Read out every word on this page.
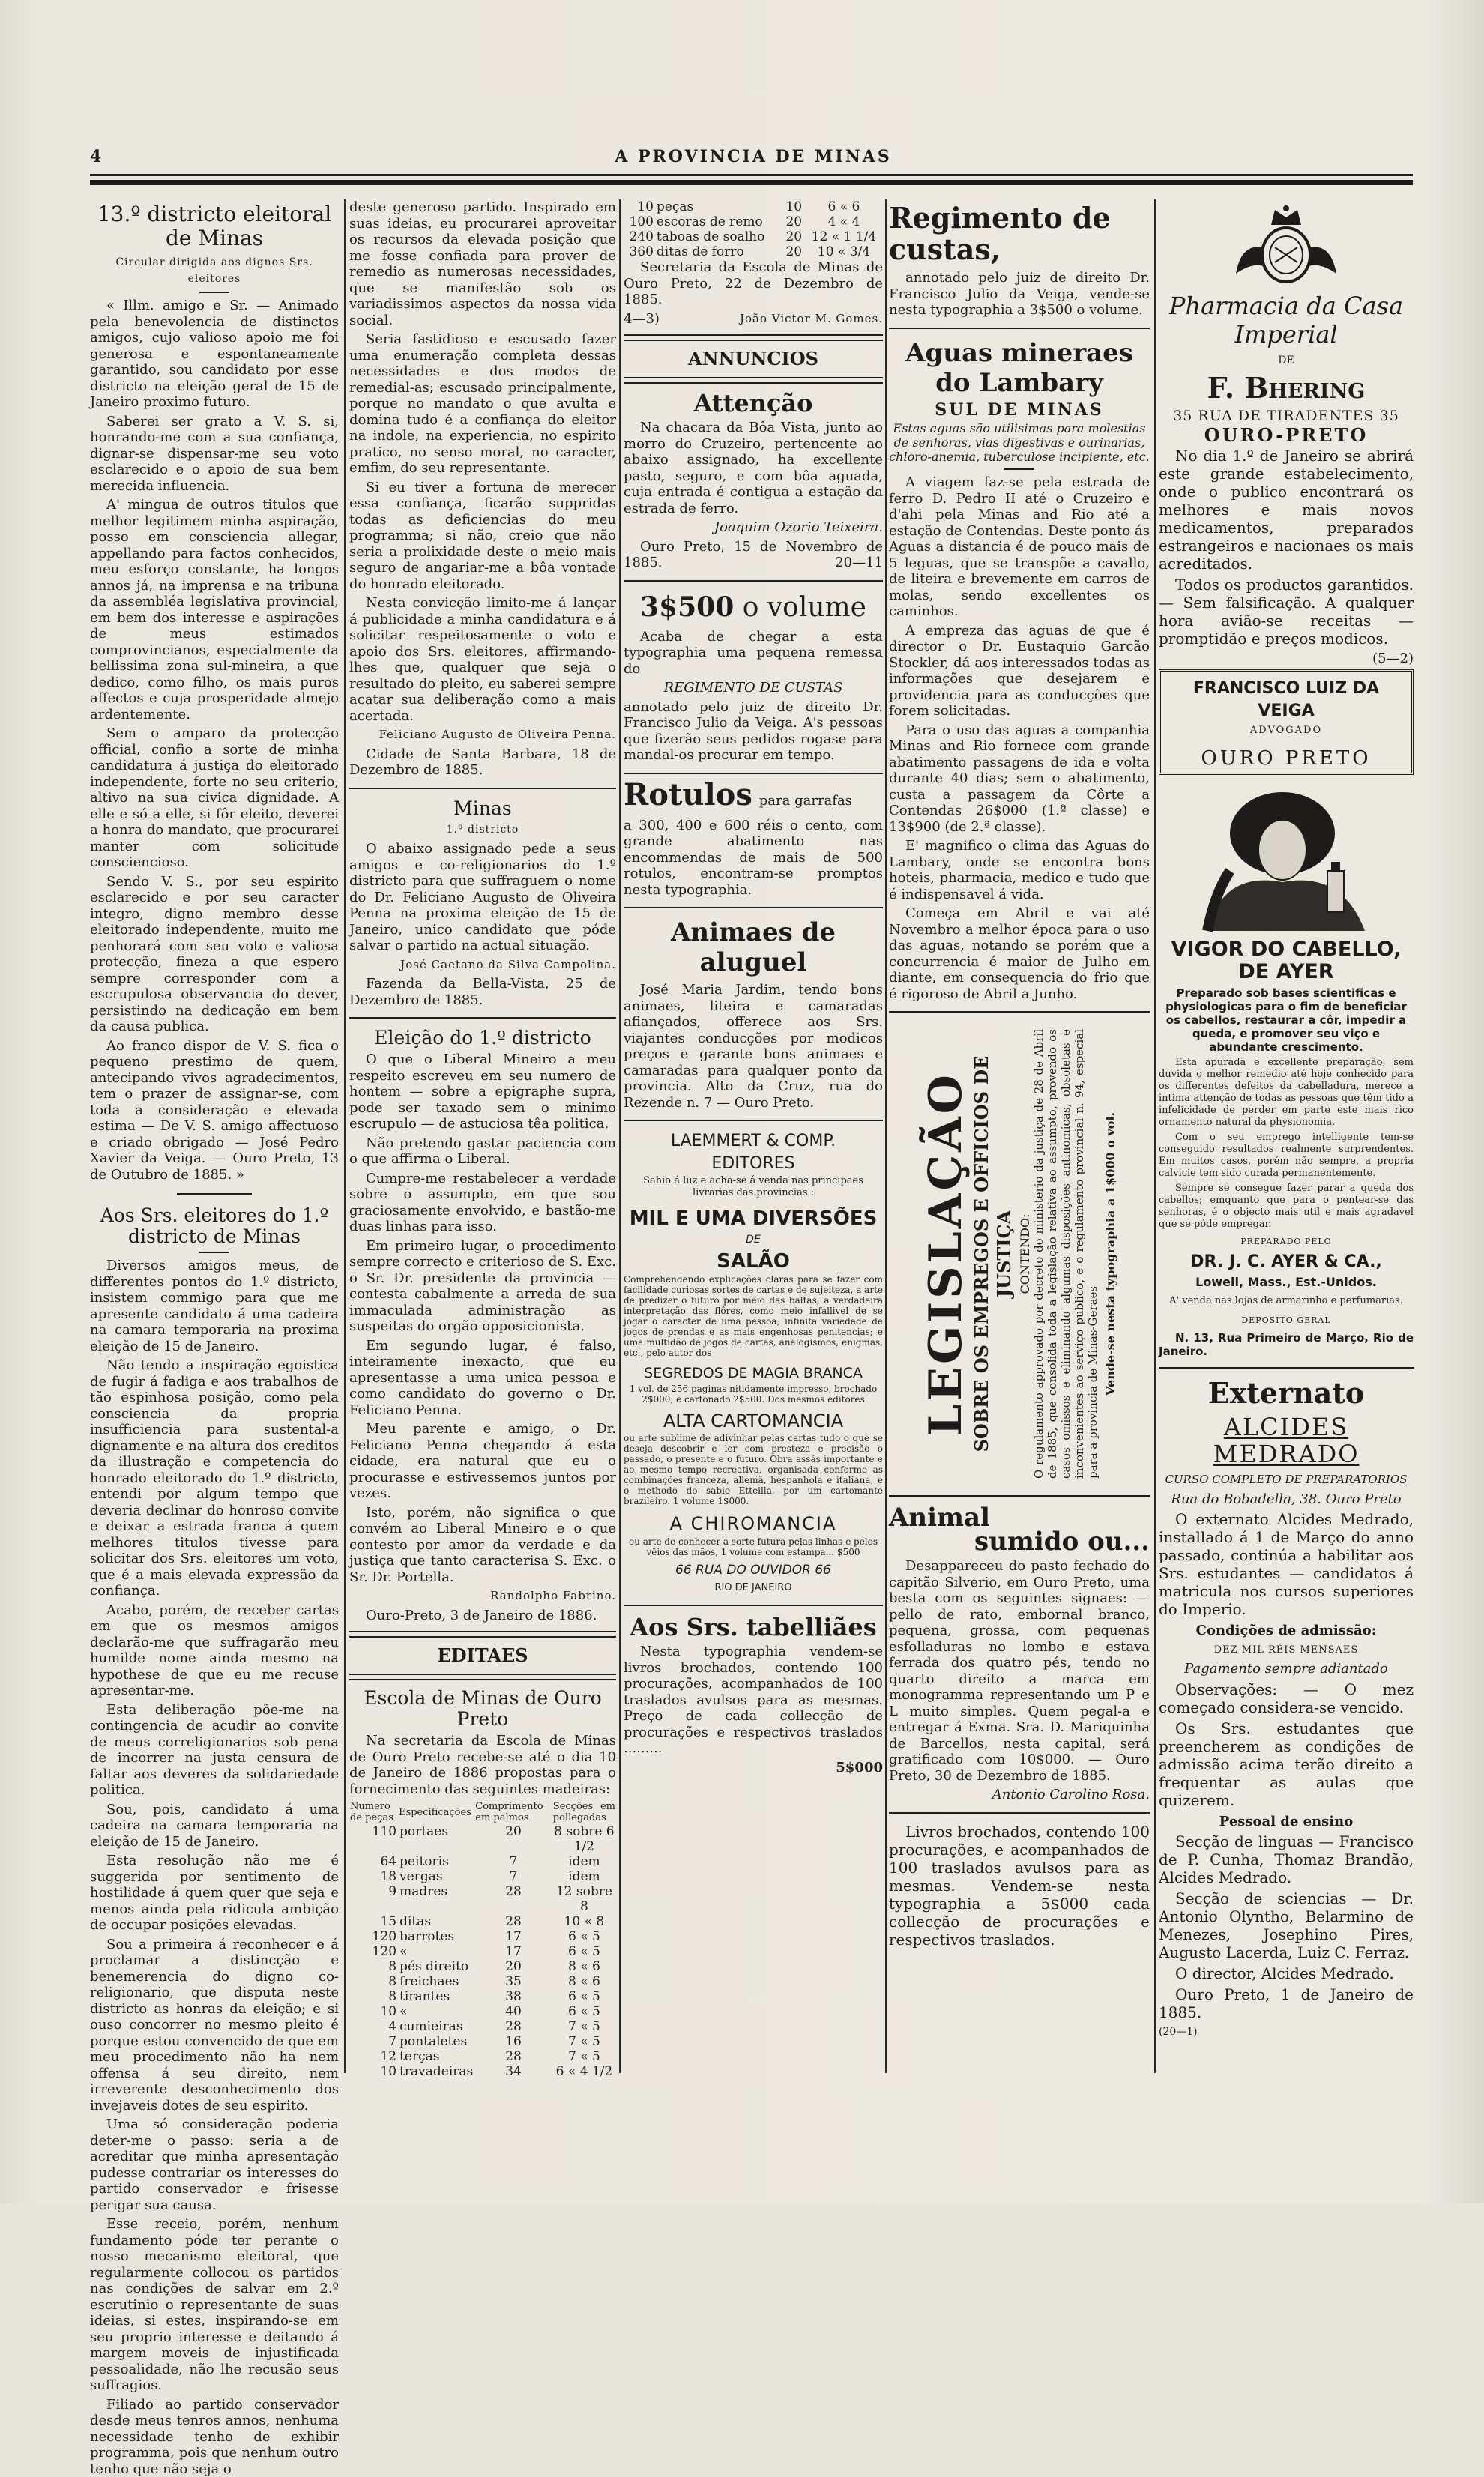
4	A PROVINCIA DE MINAS
13.º districto eleitoral de Minas

Circular dirigida aos dignos Srs. eleitores

« Illm. amigo e Sr. — Animado pela benevolencia de distinctos amigos, cujo valioso apoio me foi generosa e espontaneamente garantido, sou candidato por esse districto na eleição geral de 15 de Janeiro proximo futuro.

Saberei ser grato a V. S. si, honrando-me com a sua confiança, dignar-se dispensar-me seu voto esclarecido e o apoio de sua bem merecida influencia.

A' mingua de outros titulos que melhor legitimem minha aspiração, posso em consciencia allegar, appellando para factos conhecidos, meu esforço constante, ha longos annos já, na imprensa e na tribuna da assembléa legislativa provincial, em bem dos interesse e aspirações de meus estimados comprovincianos, especialmente da bellissima zona sul-mineira, a que dedico, como filho, os mais puros affectos e cuja prosperidade almejo ardentemente.

Sem o amparo da protecção official, confio a sorte de minha candidatura á justiça do eleitorado independente, forte no seu criterio, altivo na sua civica dignidade. A elle e só a elle, si fôr eleito, deverei a honra do mandato, que procurarei manter com solicitude consciencioso.

Sendo V. S., por seu espirito esclarecido e por seu caracter integro, digno membro desse eleitorado independente, muito me penhorará com seu voto e valiosa protecção, fineza a que espero sempre corresponder com a escrupulosa observancia do dever, persistindo na dedicação em bem da causa publica.

Ao franco dispor de V. S. fica o pequeno prestimo de quem, antecipando vivos agradecimentos, tem o prazer de assignar-se, com toda a consideração e elevada estima — De V. S. amigo affectuoso e criado obrigado — José Pedro Xavier da Veiga. — Ouro Preto, 13 de Outubro de 1885. »

Aos Srs. eleitores do 1.º districto de Minas

Diversos amigos meus, de differentes pontos do 1.º districto, insistem commigo para que me apresente candidato á uma cadeira na camara temporaria na proxima eleição de 15 de Janeiro.

Não tendo a inspiração egoistica de fugir á fadiga e aos trabalhos de tão espinhosa posição, como pela consciencia da propria insufficiencia para sustental-a dignamente e na altura dos creditos da illustração e competencia do honrado eleitorado do 1.º districto, entendi por algum tempo que deveria declinar do honroso convite e deixar a estrada franca á quem melhores titulos tivesse para solicitar dos Srs. eleitores um voto, que é a mais elevada expressão da confiança.

Acabo, porém, de receber cartas em que os mesmos amigos declarão-me que suffragarão meu humilde nome ainda mesmo na hypothese de que eu me recuse apresentar-me.

Esta deliberação põe-me na contingencia de acudir ao convite de meus correligionarios sob pena de incorrer na justa censura de faltar aos deveres da solidariedade politica.

Sou, pois, candidato á uma cadeira na camara temporaria na eleição de 15 de Janeiro.

Esta resolução não me é suggerida por sentimento de hostilidade á quem quer que seja e menos ainda pela ridicula ambição de occupar posições elevadas.

Sou a primeira á reconhecer e á proclamar a distincção e benemerencia do digno co-religionario, que disputa neste districto as honras da eleição; e si ouso concorrer no mesmo pleito é porque estou convencido de que em meu procedimento não ha nem offensa á seu direito, nem irreverente desconhecimento dos invejaveis dotes de seu espirito.

Uma só consideração poderia deter-me o passo: seria a de acreditar que minha apresentação pudesse contrariar os interesses do partido conservador e frisesse perigar sua causa.

Esse receio, porém, nenhum fundamento póde ter perante o nosso mecanismo eleitoral, que regularmente collocou os partidos nas condições de salvar em 2.º escrutinio o representante de suas ideias, si estes, inspirando-se em seu proprio interesse e deitando á margem moveis de injustificada pessoalidade, não lhe recusão seus suffragios.

Filiado ao partido conservador desde meus tenros annos, nenhuma necessidade tenho de exhibir programma, pois que nenhum outro tenho que não seja o

deste generoso partido. Inspirado em suas ideias, eu procurarei aproveitar os recursos da elevada posição que me fosse confiada para prover de remedio as numerosas necessidades, que se manifestão sob os variadissimos aspectos da nossa vida social.

Seria fastidioso e escusado fazer uma enumeração completa dessas necessidades e dos modos de remedial-as; escusado principalmente, porque no mandato o que avulta e domina tudo é a confiança do eleitor na indole, na experiencia, no espirito pratico, no senso moral, no caracter, emfim, do seu representante.

Si eu tiver a fortuna de merecer essa confiança, ficarão suppridas todas as deficiencias do meu programma; si não, creio que não seria a prolixidade deste o meio mais seguro de angariar-me a bôa vontade do honrado eleitorado.

Nesta convicção limito-me á lançar á publicidade a minha candidatura e á solicitar respeitosamente o voto e apoio dos Srs. eleitores, affirmando-lhes que, qualquer que seja o resultado do pleito, eu saberei sempre acatar sua deliberação como a mais acertada.

Feliciano Augusto de Oliveira Penna.

Cidade de Santa Barbara, 18 de Dezembro de 1885.

Minas

1.º districto

O abaixo assignado pede a seus amigos e co-religionarios do 1.º districto para que suffraguem o nome do Dr. Feliciano Augusto de Oliveira Penna na proxima eleição de 15 de Janeiro, unico candidato que póde salvar o partido na actual situação.

José Caetano da Silva Campolina.

Fazenda da Bella-Vista, 25 de Dezembro de 1885.

Eleição do 1.º districto

O que o Liberal Mineiro a meu respeito escreveu em seu numero de hontem — sobre a epigraphe supra, pode ser taxado sem o minimo escrupulo — de astuciosa têa politica.

Não pretendo gastar paciencia com o que affirma o Liberal.

Cumpre-me restabelecer a verdade sobre o assumpto, em que sou graciosamente envolvido, e bastão-me duas linhas para isso.

Em primeiro lugar, o procedimento sempre correcto e criterioso de S. Exc. o Sr. Dr. presidente da provincia — contesta cabalmente a arreda de sua immaculada administração as suspeitas do orgão opposicionista.

Em segundo lugar, é falso, inteiramente inexacto, que eu apresentasse a uma unica pessoa e como candidato do governo o Dr. Feliciano Penna.

Meu parente e amigo, o Dr. Feliciano Penna chegando á esta cidade, era natural que eu o procurasse e estivessemos juntos por vezes.

Isto, porém, não significa o que convém ao Liberal Mineiro e o que contesto por amor da verdade e da justiça que tanto caracterisa S. Exc. o Sr. Dr. Portella.

Randolpho Fabrino.

Ouro-Preto, 3 de Janeiro de 1886.

EDITAES
Escola de Minas de Ouro Preto

Na secretaria da Escola de Minas de Ouro Preto recebe-se até o dia 10 de Janeiro de 1886 propostas para o fornecimento das seguintes madeiras:

Numero de peças	Especificações	Comprimento em palmos	Secções em pollegadas
110	portaes	20	8 sobre 6 1/2
64	peitoris	7	idem
18	vergas	7	idem
9	madres	28	12 sobre 8
15	ditas	28	10 « 8
120	barrotes	17	6 « 5
120	«	17	6 « 5
8	pés direito	20	8 « 6
8	freichaes	35	8 « 6
8	tirantes	38	6 « 5
10	«	40	6 « 5
4	cumieiras	28	7 « 5
7	pontaletes	16	7 « 5
12	terças	28	7 « 5
10	travadeiras	34	6 « 4 1/2
10	peças	10	6 « 6
100	escoras de remo	20	4 « 4
240	taboas de soalho	20	12 « 1 1/4
360	ditas de forro	20	10 « 3/4

Secretaria da Escola de Minas de Ouro Preto, 22 de Dezembro de 1885.

4—3)	João Victor M. Gomes.

ANNUNCIOS
Attenção

Na chacara da Bôa Vista, junto ao morro do Cruzeiro, pertencente ao abaixo assignado, ha excellente pasto, seguro, e com bôa aguada, cuja entrada é contigua a estação da estrada de ferro.

Joaquim Ozorio Teixeira.

Ouro Preto, 15 de Novembro de 1885.	20—11

3$500 o volume

Acaba de chegar a esta typographia uma pequena remessa do

REGIMENTO DE CUSTAS

annotado pelo juiz de direito Dr. Francisco Julio da Veiga. A's pessoas que fizerão seus pedidos rogase para mandal-os procurar em tempo.

Rotulos para garrafas

a 300, 400 e 600 réis o cento, com grande abatimento nas encommendas de mais de 500 rotulos, encontram-se promptos nesta typographia.

Animaes de aluguel

José Maria Jardim, tendo bons animaes, liteira e camaradas afiançados, offerece aos Srs. viajantes conducções por modicos preços e garante bons animaes e camaradas para qualquer ponto da provincia. Alto da Cruz, rua do Rezende n. 7 — Ouro Preto.

LAEMMERT & COMP.
EDITORES
Sahio á luz e acha-se á venda nas principaes livrarias das provincias :
MIL E UMA DIVERSÕES
DE
SALÃO
Comprehendendo explicações claras para se fazer com facilidade curiosas sortes de cartas e de sujeiteza, a arte de predizer o futuro por meio das baltas; a verdadeira interpretação das flôres, como meio infallivel de se jogar o caracter de uma pessoa; infinita variedade de jogos de prendas e as mais engenhosas penitencias; e uma multidão de jogos de cartas, analogismos, enigmas, etc., pelo autor dos
SEGREDOS DE MAGIA BRANCA
1 vol. de 256 paginas nitidamente impresso, brochado 2$000, e cartonado 2$500. Dos mesmos editores
ALTA CARTOMANCIA
ou arte sublime de adivinhar pelas cartas tudo o que se deseja descobrir e ler com presteza e precisão o passado, o presente e o futuro. Obra assás importante e ao mesmo tempo recreativa, organisada conforme as combinações franceza, allemã, hespanhola e italiana, e o methodo do sabio Etteilla, por um cartomante brazileiro. 1 volume 1$000.
A CHIROMANCIA
ou arte de conhecer a sorte futura pelas linhas e pelos vêios das mãos, 1 volume com estampa... $500
66 RUA DO OUVIDOR 66
RIO DE JANEIRO
Aos Srs. tabelliães

Nesta typographia vendem-se livros brochados, contendo 100 procurações, acompanhados de 100 traslados avulsos para as mesmas. Preço de cada collecção de procurações e respectivos traslados .........

5$000

Regimento de custas,

annotado pelo juiz de direito Dr. Francisco Julio da Veiga, vende-se nesta typographia a 3$500 o volume.

Aguas mineraes do Lambary

SUL DE MINAS

Estas aguas são utilisimas para molestias de senhoras, vias digestivas e ourinarias, chloro-anemia, tuberculose incipiente, etc.

A viagem faz-se pela estrada de ferro D. Pedro II até o Cruzeiro e d'ahi pela Minas and Rio até a estação de Contendas. Deste ponto ás Aguas a distancia é de pouco mais de 5 leguas, que se transpõe a cavallo, de liteira e brevemente em carros de molas, sendo excellentes os caminhos.

A empreza das aguas de que é director o Dr. Eustaquio Garcão Stockler, dá aos interessados todas as informações que desejarem e providencia para as conducções que forem solicitadas.

Para o uso das aguas a companhia Minas and Rio fornece com grande abatimento passagens de ida e volta durante 40 dias; sem o abatimento, custa a passagem da Côrte a Contendas 26$000 (1.ª classe) e 13$900 (de 2.ª classe).

E' magnifico o clima das Aguas do Lambary, onde se encontra bons hoteis, pharmacia, medico e tudo que é indispensavel á vida.

Começa em Abril e vai até Novembro a melhor época para o uso das aguas, notando se porém que a concurrencia é maior de Julho em diante, em consequencia do frio que é rigoroso de Abril a Junho.

LEGISLAÇÃO
SOBRE OS EMPREGOS E OFFICIOS DE JUSTIÇA CONTENDO: O regulamento approvado por decreto do ministerio da justiça de 28 de Abril de 1885, que consolida toda a legislação relativa ao assumpto, provendo os casos omissos e eliminando algumas disposições antinomicas, obsoletas e inconvenientes ao serviço publico, e o regulamento provincial n. 94, especial para a provincia de Minas-Geraes Vende-se nesta typographia a 1$000 o vol.
Animal
sumido ou...

Desappareceu do pasto fechado do capitão Silverio, em Ouro Preto, uma besta com os seguintes signaes: — pello de rato, embornal branco, pequena, grossa, com pequenas esfolladuras no lombo e estava ferrada dos quatro pés, tendo no quarto direito a marca em monogramma representando um P e L muito simples. Quem pegal-a e entregar á Exma. Sra. D. Mariquinha de Barcellos, nesta capital, será gratificado com 10$000. — Ouro Preto, 30 de Dezembro de 1885.

Antonio Carolino Rosa.

Livros brochados, contendo 100 procurações, e acompanhados de 100 traslados avulsos para as mesmas. Vendem-se nesta typographia a 5$000 cada collecção de procurações e respectivos traslados.

Pharmacia da Casa Imperial

DE

F. Bhering

35 RUA DE TIRADENTES 35

OURO-PRETO

No dia 1.º de Janeiro se abrirá este grande estabelecimento, onde o publico encontrará os melhores e mais novos medicamentos, preparados estrangeiros e nacionaes os mais acreditados.

Todos os productos garantidos.— Sem falsificação. A qualquer hora avião-se receitas — promptidão e preços modicos.

(5—2)

FRANCISCO LUIZ DA VEIGA
ADVOGADO
OURO PRETO
VIGOR DO CABELLO, DE AYER

Preparado sob bases scientificas e physiologicas para o fim de beneficiar os cabellos, restaurar a côr, impedir a queda, e promover seu viço e abundante crescimento.

Esta apurada e excellente preparação, sem duvida o melhor remedio até hoje conhecido para os differentes defeitos da cabelladura, merece a intima attenção de todas as pessoas que têm tido a infelicidade de perder em parte este mais rico ornamento natural da physionomia.

Com o seu emprego intelligente tem-se conseguido resultados realmente surprendentes. Em muitos casos, porém não sempre, a propria calvicie tem sido curada permanentemente.

Sempre se consegue fazer parar a queda dos cabellos; emquanto que para o pentear-se das senhoras, é o objecto mais util e mais agradavel que se póde empregar.

PREPARADO PELO

DR. J. C. AYER & CA.,

Lowell, Mass., Est.-Unidos.

A' venda nas lojas de armarinho e perfumarias.

DEPOSITO GERAL

N. 13, Rua Primeiro de Março, Rio de Janeiro.

Externato
ALCIDES MEDRADO

CURSO COMPLETO DE PREPARATORIOS

Rua do Bobadella, 38. Ouro Preto

O externato Alcides Medrado, installado á 1 de Março do anno passado, continúa a habilitar aos Srs. estudantes — candidatos á matricula nos cursos superiores do Imperio.

Condições de admissão:

DEZ MIL RÉIS MENSAES

Pagamento sempre adiantado

Observações: — O mez começado considera-se vencido.

Os Srs. estudantes que preencherem as condições de admissão acima terão direito a frequentar as aulas que quizerem.

Pessoal de ensino

Secção de linguas — Francisco de P. Cunha, Thomaz Brandão, Alcides Medrado.

Secção de sciencias — Dr. Antonio Olyntho, Belarmino de Menezes, Josephino Pires, Augusto Lacerda, Luiz C. Ferraz.

O director, Alcides Medrado.

Ouro Preto, 1 de Janeiro de 1885.

(20—1)
